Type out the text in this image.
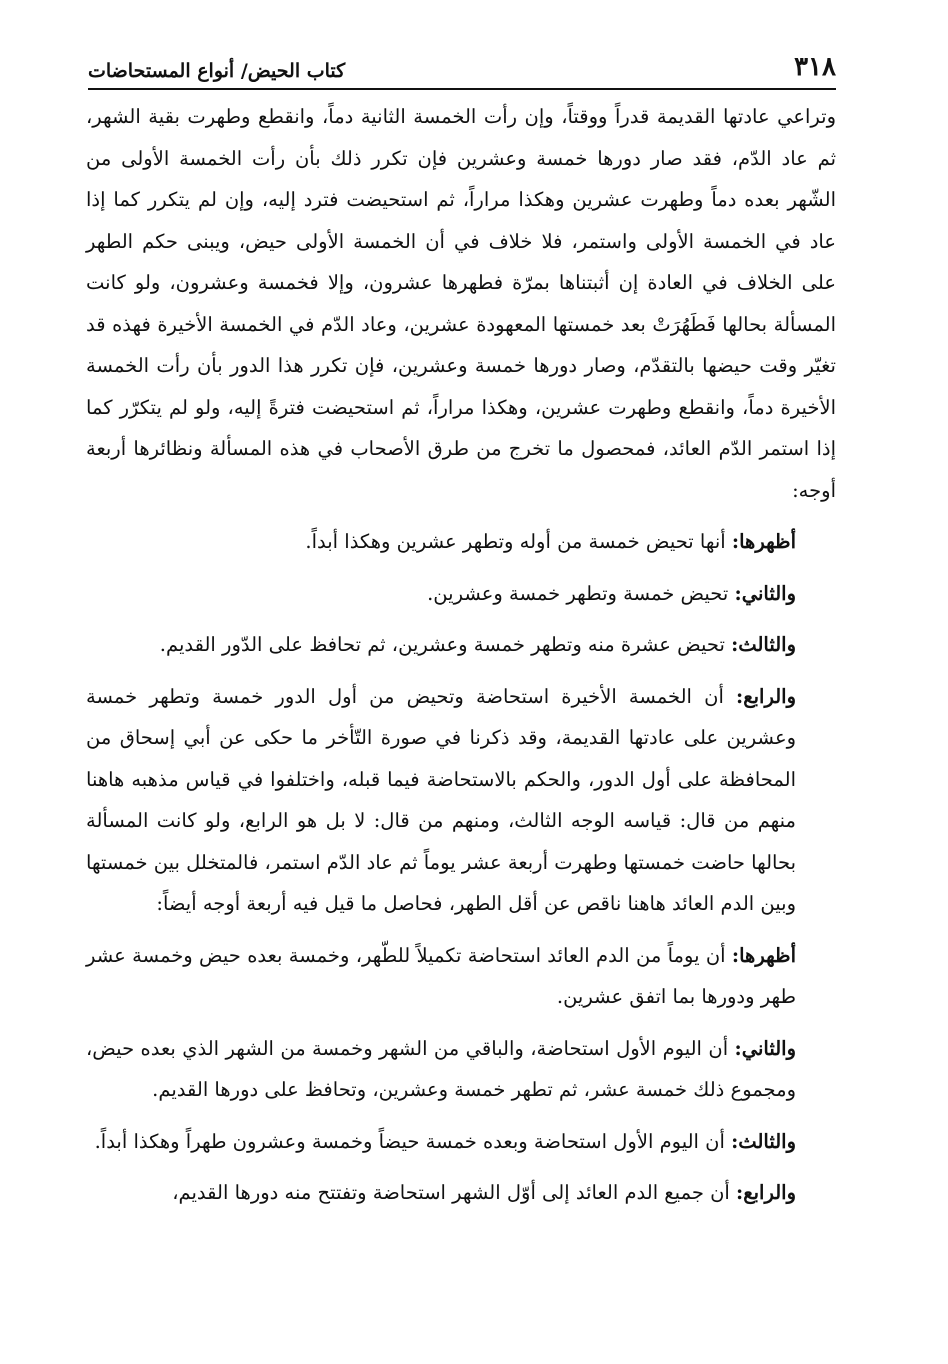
٣١٨
كتاب الحيض/ أنواع المستحاضات

وتراعي عادتها القديمة قدراً ووقتاً، وإن رأت الخمسة الثانية دماً، وانقطع وطهرت بقية الشهر، ثم عاد الدّم، فقد صار دورها خمسة وعشرين فإن تكرر ذلك بأن رأت الخمسة الأولى من الشّهر بعده دماً وطهرت عشرين وهكذا مراراً، ثم استحيضت فترد إليه، وإن لم يتكرر كما إذا عاد في الخمسة الأولى واستمر، فلا خلاف في أن الخمسة الأولى حيض، ويبنى حكم الطهر على الخلاف في العادة إن أثبتناها بمرّة فطهرها عشرون، وإلا فخمسة وعشرون، ولو كانت المسألة بحالها فَطَهُرَتْ بعد خمستها المعهودة عشرين، وعاد الدّم في الخمسة الأخيرة فهذه قد تغيّر وقت حيضها بالتقدّم، وصار دورها خمسة وعشرين، فإن تكرر هذا الدور بأن رأت الخمسة الأخيرة دماً، وانقطع وطهرت عشرين، وهكذا مراراً، ثم استحيضت فترةً إليه، ولو لم يتكرّر كما إذا استمر الدّم العائد، فمحصول ما تخرج من طرق الأصحاب في هذه المسألة ونظائرها أربعة أوجه:

أظهرها: أنها تحيض خمسة من أوله وتطهر عشرين وهكذا أبداً.

والثاني: تحيض خمسة وتطهر خمسة وعشرين.

والثالث: تحيض عشرة منه وتطهر خمسة وعشرين، ثم تحافظ على الدّور القديم.

والرابع: أن الخمسة الأخيرة استحاضة وتحيض من أول الدور خمسة وتطهر خمسة وعشرين على عادتها القديمة، وقد ذكرنا في صورة التّأخر ما حكى عن أبي إسحاق من المحافظة على أول الدور، والحكم بالاستحاضة فيما قبله، واختلفوا في قياس مذهبه هاهنا منهم من قال: قياسه الوجه الثالث، ومنهم من قال: لا بل هو الرابع، ولو كانت المسألة بحالها حاضت خمستها وطهرت أربعة عشر يوماً ثم عاد الدّم استمر، فالمتخلل بين خمستها وبين الدم العائد هاهنا ناقص عن أقل الطهر، فحاصل ما قيل فيه أربعة أوجه أيضاً:

أظهرها: أن يوماً من الدم العائد استحاضة تكميلاً للطّهر، وخمسة بعده حيض وخمسة عشر طهر ودورها بما اتفق عشرين.

والثاني: أن اليوم الأول استحاضة، والباقي من الشهر وخمسة من الشهر الذي بعده حيض، ومجموع ذلك خمسة عشر، ثم تطهر خمسة وعشرين، وتحافظ على دورها القديم.

والثالث: أن اليوم الأول استحاضة وبعده خمسة حيضاً وخمسة وعشرون طهراً وهكذا أبداً.

والرابع: أن جميع الدم العائد إلى أوّل الشهر استحاضة وتفتتح منه دورها القديم،
